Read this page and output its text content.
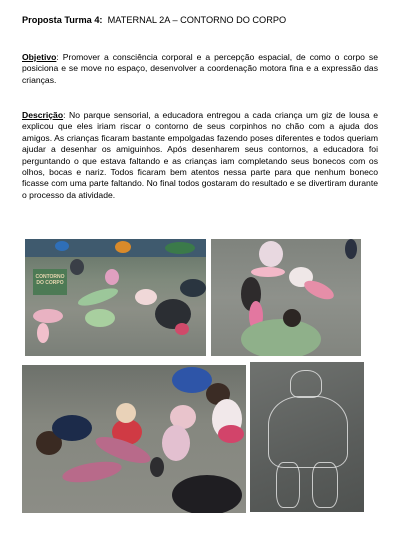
Proposta Turma 4: MATERNAL 2A – CONTORNO DO CORPO
Objetivo: Promover a consciência corporal e a percepção espacial, de como o corpo se posiciona e se move no espaço, desenvolver a coordenação motora fina e a expressão das crianças.
Descrição: No parque sensorial, a educadora entregou a cada criança um giz de lousa e explicou que eles iriam riscar o contorno de seus corpinhos no chão com a ajuda dos amigos. As crianças ficaram bastante empolgadas fazendo poses diferentes e todos queriam ajudar a desenhar os amiguinhos. Após desenharem seus contornos, a educadora foi perguntando o que estava faltando e as crianças iam completando seus bonecos com os olhos, bocas e nariz. Todos ficaram bem atentos nessa parte para que nenhum boneco ficasse com uma parte faltando. No final todos gostaram do resultado e se divertiram durante o processo da atividade.
CONTORNO DO CORPO
